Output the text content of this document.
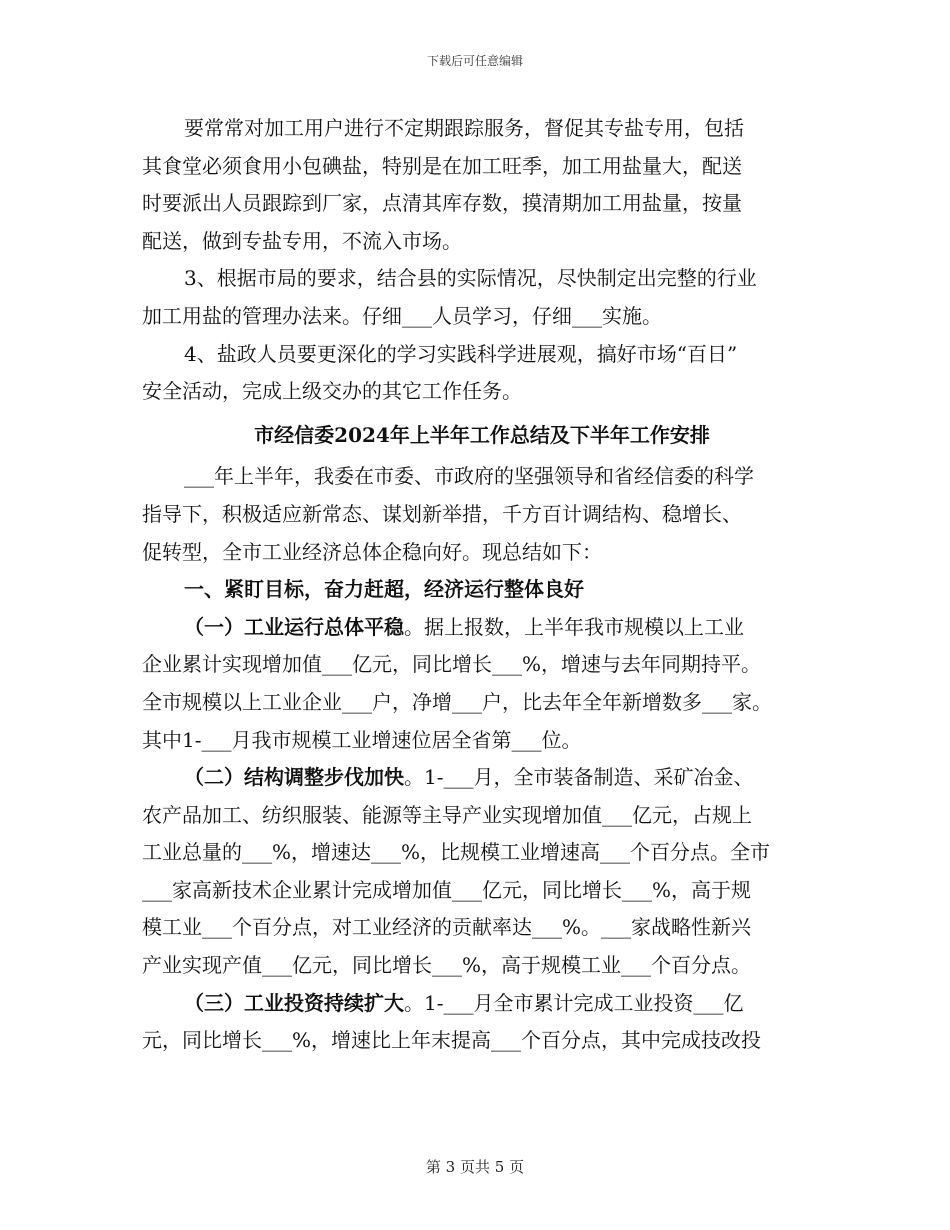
下载后可任意编辑
要常常对加工用户进行不定期跟踪服务，督促其专盐专用，包括
其食堂必须食用小包碘盐，特别是在加工旺季，加工用盐量大，配送
时要派出人员跟踪到厂家，点清其库存数，摸清期加工用盐量，按量
配送，做到专盐专用，不流入市场。
3、根据市局的要求，结合县的实际情况，尽快制定出完整的行业
加工用盐的管理办法来。仔细___人员学习，仔细___实施。
4、盐政人员要更深化的学习实践科学进展观，搞好市场“百日”
安全活动，完成上级交办的其它工作任务。
市经信委2024年上半年工作总结及下半年工作安排
___年上半年，我委在市委、市政府的坚强领导和省经信委的科学
指导下，积极适应新常态、谋划新举措，千方百计调结构、稳增长、
促转型，全市工业经济总体企稳向好。现总结如下：
一、紧盯目标，奋力赶超，经济运行整体良好
（一）工业运行总体平稳。据上报数，上半年我市规模以上工业
企业累计实现增加值___亿元，同比增长___%，增速与去年同期持平。
全市规模以上工业企业___户，净增___户，比去年全年新增数多___家。
其中1-___月我市规模工业增速位居全省第___位。
（二）结构调整步伐加快。1-___月，全市装备制造、采矿冶金、
农产品加工、纺织服装、能源等主导产业实现增加值___亿元，占规上
工业总量的___%，增速达___%，比规模工业增速高___个百分点。全市
___家高新技术企业累计完成增加值___亿元，同比增长___%，高于规
模工业___个百分点，对工业经济的贡献率达___%。___家战略性新兴
产业实现产值___亿元，同比增长___%，高于规模工业___个百分点。
（三）工业投资持续扩大。1-___月全市累计完成工业投资___亿
元，同比增长___%，增速比上年末提高___个百分点，其中完成技改投
第 3 页共 5 页
